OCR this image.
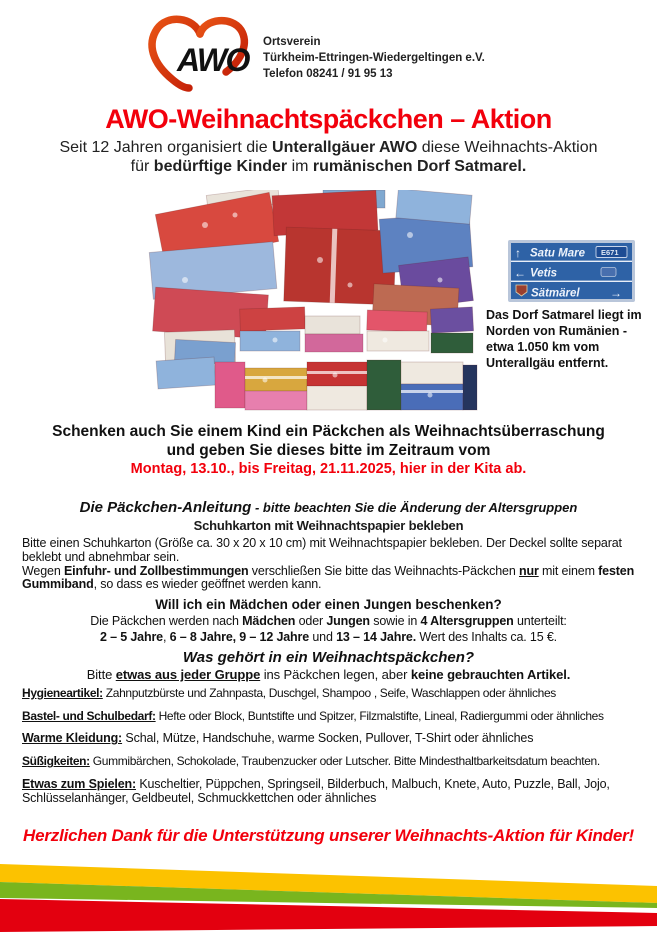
AWO Ortsverein
Türkheim-Ettringen-Wiedergeltingen e.V.
Telefon 08241 / 91 95 13
AWO-Weihnachtspäckchen – Aktion
Seit 12 Jahren organisiert die Unterallgäuer AWO diese Weihnachts-Aktion
für bedürftige Kinder im rumänischen Dorf Satmarel.
↑ Satu Mare E671
← Vetis
Sätmärel	→
Das Dorf Satmarel liegt im
Norden von Rumänien -
etwa 1.050 km vom
Unterallgäu entfernt.
Schenken auch Sie einem Kind ein Päckchen als Weihnachtsüberraschung
und geben Sie dieses bitte im Zeitraum vom
Montag, 13.10., bis Freitag, 21.11.2025, hier in der Kita ab.
Die Päckchen-Anleitung - bitte beachten Sie die Änderung der Altersgruppen
Schuhkarton mit Weihnachtspapier bekleben

Bitte einen Schuhkarton (Größe ca. 30 x 20 x 10 cm) mit Weihnachtspapier bekleben. Der Deckel sollte separat beklebt und abnehmbar sein.

Wegen Einfuhr- und Zollbestimmungen verschließen Sie bitte das Weihnachts-Päckchen nur mit einem festen Gummiband, so dass es wieder geöffnet werden kann.

Will ich ein Mädchen oder einen Jungen beschenken?

Die Päckchen werden nach Mädchen oder Jungen sowie in 4 Altersgruppen unterteilt:

2 – 5 Jahre, 6 – 8 Jahre, 9 – 12 Jahre und 13 – 14 Jahre. Wert des Inhalts ca. 15 €.

Was gehört in ein Weihnachtspäckchen?

Bitte etwas aus jeder Gruppe ins Päckchen legen, aber keine gebrauchten Artikel.

Hygieneartikel: Zahnputzbürste und Zahnpasta, Duschgel, Shampoo , Seife, Waschlappen oder ähnliches
Bastel- und Schulbedarf: Hefte oder Block, Buntstifte und Spitzer, Filzmalstifte, Lineal, Radiergummi oder ähnliches
Warme Kleidung: Schal, Mütze, Handschuhe, warme Socken, Pullover, T-Shirt oder ähnliches
Süßigkeiten: Gummibärchen, Schokolade, Traubenzucker oder Lutscher. Bitte Mindesthaltbarkeitsdatum beachten.
Etwas zum Spielen: Kuscheltier, Püppchen, Springseil, Bilderbuch, Malbuch, Knete, Auto, Puzzle, Ball, Jojo, Schlüsselanhänger, Geldbeutel, Schmuckkettchen oder ähnliches
Herzlichen Dank für die Unterstützung unserer Weihnachts-Aktion für Kinder!
